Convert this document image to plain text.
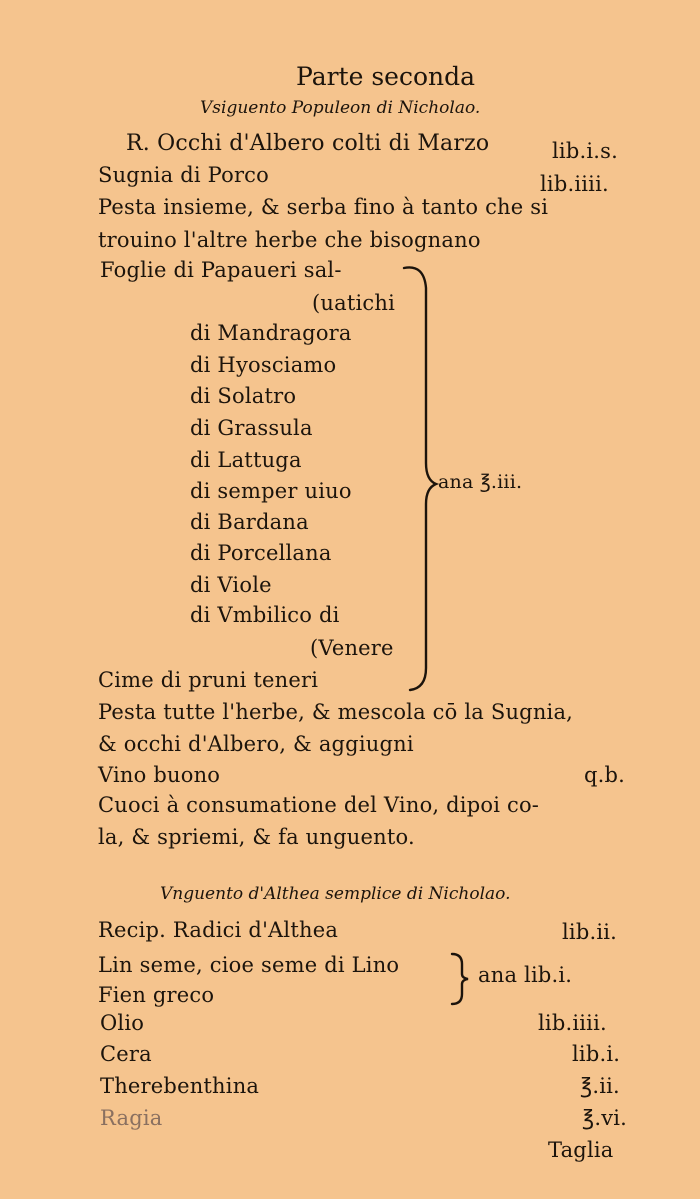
Parte seconda
Vsiguento Populeon di Nicholao.
R. Occhi d'Albero colti di Marzo	lib.i.s.
Sugnia di Porco	lib.iiii.
Pesta insieme, & serba fino à tanto che si
trouino l'altre herbe che bisognano
Foglie di Papaueri sal-
(uatichi
di Mandragora
di Hyosciamo
di Solatro
di Grassula
di Lattuga
di semper uiuo
di Bardana
di Porcellana
di Viole
di Vmbilico di
(Venere
ana ℥.iii.
Cime di pruni teneri
Pesta tutte l'herbe, & mescola cō la Sugnia,
& occhi d'Albero, & aggiugni
Vino buono	q.b.
Cuoci à consumatione del Vino, dipoi co-
la, & spriemi, & fa unguento.
Vnguento d'Althea semplice di Nicholao.
Recip. Radici d'Althea	lib.ii.
Lin seme, cioe seme di Lino
Fien greco
ana lib.i.
Olio	lib.iiii.
Cera	lib.i.
Therebenthina	℥.ii.
Ragia	℥.vi.
Taglia
